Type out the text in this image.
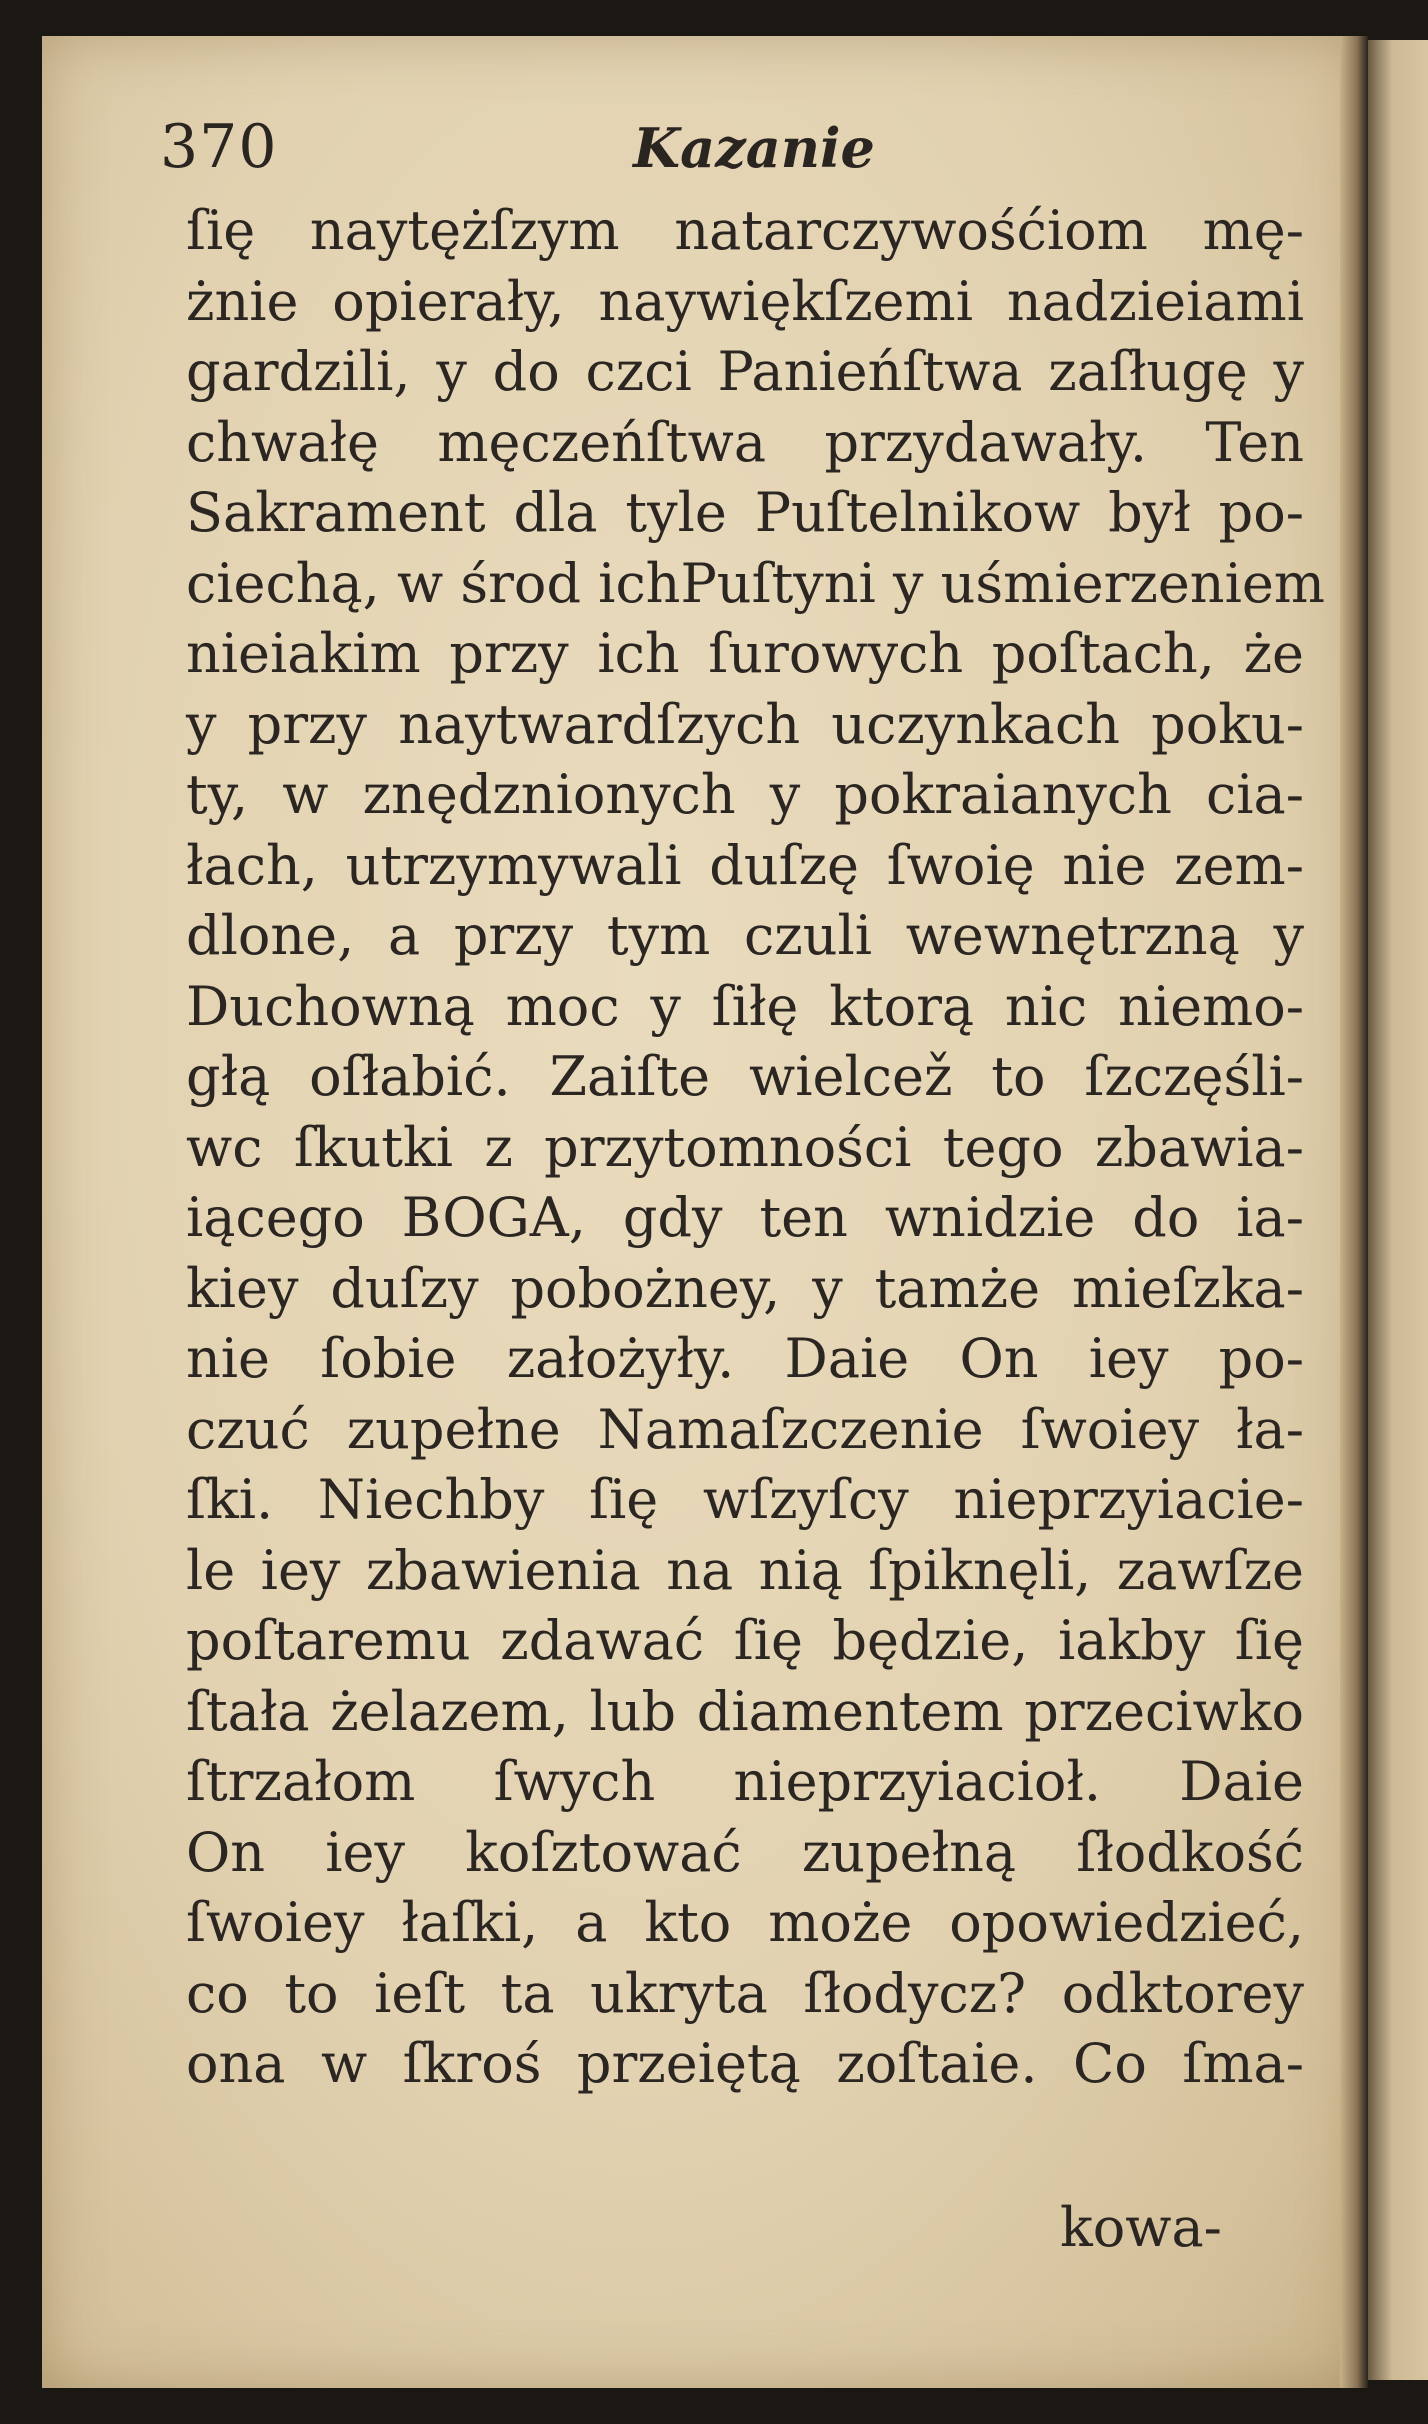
370	Kazanie
ſię naytężſzym natarczywośćiom mę-
żnie opierały, naywiękſzemi nadzieiami
gardzili, y do czci Panieńſtwa zaſługę y
chwałę męczeńſtwa przydawały. Ten
Sakrament dla tyle Puſtelnikow był po-
ciechą, w środ ichPuſtyni y uśmierzeniem
nieiakim przy ich ſurowych poſtach, że
y przy naytwardſzych uczynkach poku-
ty, w znędznionych y pokraianych cia-
łach, utrzymywali duſzę ſwoię nie zem-
dlone, a przy tym czuli wewnętrzną y
Duchowną moc y ſiłę ktorą nic niemo-
głą oſłabić. Zaiſte wielcež to ſzczęśli-
wc ſkutki z przytomności tego zbawia-
iącego BOGA, gdy ten wnidzie do ia-
kiey duſzy pobożney, y tamże mieſzka-
nie ſobie założyły. Daie On iey po-
czuć zupełne Namaſzczenie ſwoiey ła-
ſki. Niechby ſię wſzyſcy nieprzyiacie-
le iey zbawienia na nią ſpiknęli, zawſze
poſtaremu zdawać ſię będzie, iakby ſię
ſtała żelazem, lub diamentem przeciwko
ſtrzałom ſwych nieprzyiacioł. Daie
On iey koſztować zupełną ſłodkość
ſwoiey łaſki, a kto może opowiedzieć,
co to ieſt ta ukryta ſłodycz? odktorey
ona w ſkroś przeiętą zoſtaie. Co ſma-
kowa-
